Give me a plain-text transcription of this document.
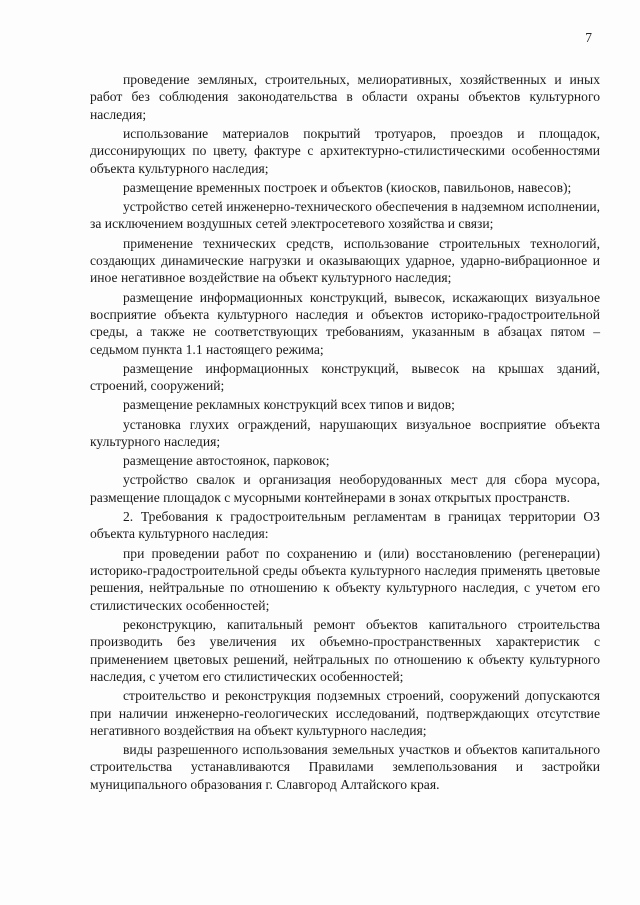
7

проведение земляных, строительных, мелиоративных, хозяйственных и иных работ без соблюдения законодательства в области охраны объектов культурного наследия;

использование материалов покрытий тротуаров, проездов и площадок, диссонирующих по цвету, фактуре с архитектурно-стилистическими особенностями объекта культурного наследия;

размещение временных построек и объектов (киосков, павильонов, навесов);

устройство сетей инженерно-технического обеспечения в надземном исполнении, за исключением воздушных сетей электросетевого хозяйства и связи;

применение технических средств, использование строительных технологий, создающих динамические нагрузки и оказывающих ударное, ударно-вибрационное и иное негативное воздействие на объект культурного наследия;

размещение информационных конструкций, вывесок, искажающих визуальное восприятие объекта культурного наследия и объектов историко-градостроительной среды, а также не соответствующих требованиям, указанным в абзацах пятом – седьмом пункта 1.1 настоящего режима;

размещение информационных конструкций, вывесок на крышах зданий, строений, сооружений;

размещение рекламных конструкций всех типов и видов;

установка глухих ограждений, нарушающих визуальное восприятие объекта культурного наследия;

размещение автостоянок, парковок;

устройство свалок и организация необорудованных мест для сбора мусора, размещение площадок с мусорными контейнерами в зонах открытых пространств.

2. Требования к градостроительным регламентам в границах территории ОЗ объекта культурного наследия:

при проведении работ по сохранению и (или) восстановлению (регенерации) историко-градостроительной среды объекта культурного наследия применять цветовые решения, нейтральные по отношению к объекту культурного наследия, с учетом его стилистических особенностей;

реконструкцию, капитальный ремонт объектов капитального строительства производить без увеличения их объемно-пространственных характеристик с применением цветовых решений, нейтральных по отношению к объекту культурного наследия, с учетом его стилистических особенностей;

строительство и реконструкция подземных строений, сооружений допускаются при наличии инженерно-геологических исследований, подтверждающих отсутствие негативного воздействия на объект культурного наследия;

виды разрешенного использования земельных участков и объектов капитального строительства устанавливаются Правилами землепользования и застройки муниципального образования г. Славгород Алтайского края.
